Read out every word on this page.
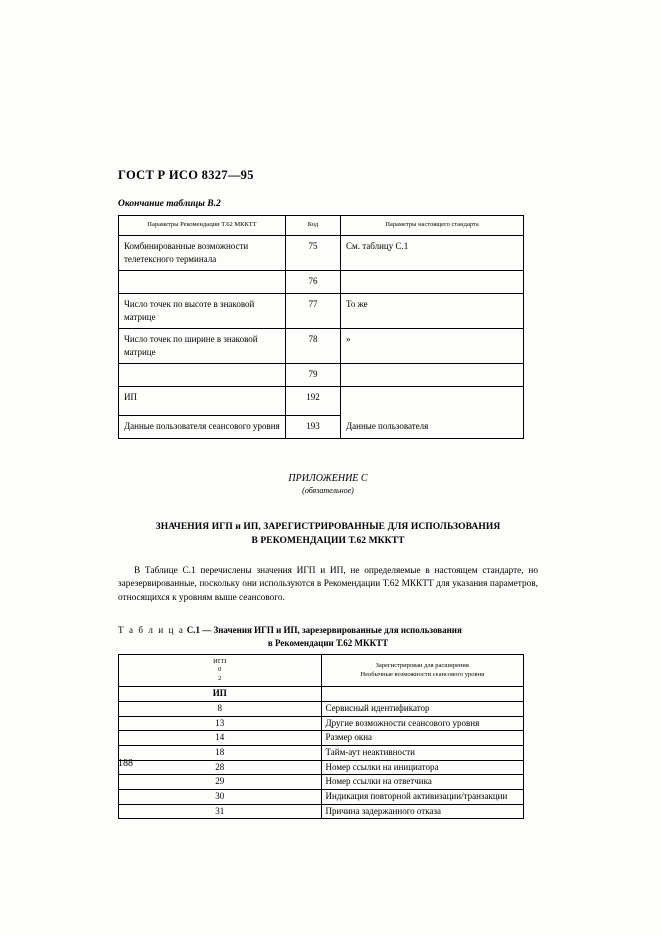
ГОСТ Р ИСО 8327—95
Окончание таблицы В.2
Параметры Рекомендации Т.62 МККТТ	Код	Параметры настоящего стандарта
Комбинированные возможности телетексного терминала	75	См. таблицу С.1
	76	
Число точек по высоте в знаковой матрице	77	То же
Число точек по ширине в знаковой матрице	78	»
	79	
ИП	192	
Данные пользователя сеансового уровня	193	Данные пользователя
ПРИЛОЖЕНИЕ С
(обязательное)
ЗНАЧЕНИЯ ИГП и ИП, ЗАРЕГИСТРИРОВАННЫЕ ДЛЯ ИСПОЛЬЗОВАНИЯ
В РЕКОМЕНДАЦИИ Т.62 МККТТ
В Таблице С.1 перечислены значения ИГП и ИП, не определяемые в настоящем стандарте, но зарезервированные, поскольку они используются в Рекомендации Т.62 МККТТ для указания параметров, относящихся к уровням выше сеансового.
Т а б л и ц а С.1 — Значения ИГП и ИП, зарезервированные для использования
в Рекомендации Т.62 МККТТ
ИГП
0
2	Зарегистрирован для расширения
Необычные возможности сеансового уровня
ИП	
8	Сервисный идентификатор
13	Другие возможности сеансового уровня
14	Размер окна
18	Тайм-аут неактивности
28	Номер ссылки на инициатора
29	Номер ссылки на ответчика
30	Индикация повторной активизации/транзакции
31	Причина задержанного отказа
188
